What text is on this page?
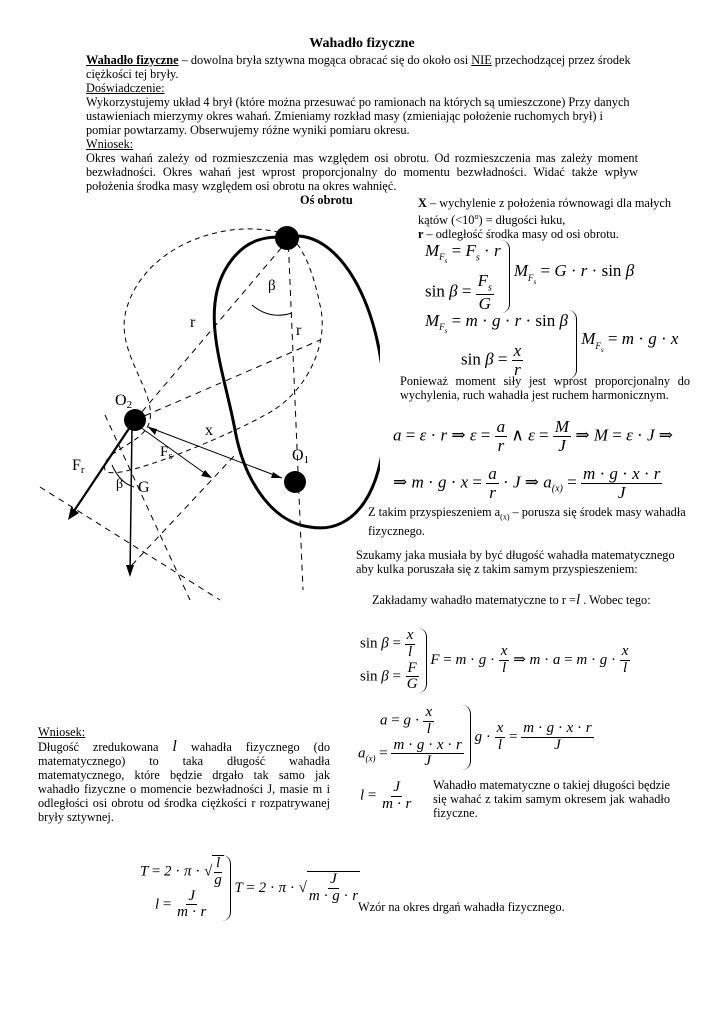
Wahadło fizyczne
Wahadło fizyczne – dowolna bryła sztywna mogąca obracać się do około osi NIE przechodzącej przez środek ciężkości tej bryły.
Doświadczenie:
Wykorzystujemy układ 4 brył (które można przesuwać po ramionach na których są umieszczone) Przy danych ustawieniach mierzymy okres wahań. Zmieniamy rozkład masy (zmieniając położenie ruchomych brył) i pomiar powtarzamy. Obserwujemy różne wyniki pomiaru okresu.
Wniosek:
Okres wahań zależy od rozmieszczenia mas względem osi obrotu. Od rozmieszczenia mas zależy moment bezwładności. Okres wahań jest wprost proporcjonalny do momentu bezwładności. Widać także wpływ położenia środka masy względem osi obrotu na okres wahnięć.
Oś obrotu
β
r	r
O2
O1
x
$F_s$
Fr
β G
X – wychylenie z położenia równowagi dla małych kątów $(<10^o)$ = długości łuku,
r – odległość środka masy od osi obrotu.
$M_{F_s} = F_s \cdot r$
$\sin \beta = \frac{F_s}{G}$
$M_{F_s} = G \cdot r \cdot \sin \beta$
$M_{F_s} = m \cdot g \cdot r \cdot \sin \beta$
$\sin \beta = \frac{x}{r}$
$M_{F_s} = m \cdot g \cdot x$
Ponieważ moment siły jest wprost proporcjonalny do wychylenia, ruch wahadła jest ruchem harmonicznym.
a = ε · r ⇒ $\varepsilon = \frac{a}{r}$ ∧ $\varepsilon = \frac{M}{J}$ ⇒ M = ε · J ⇒
⇒ $m \cdot g \cdot x = \frac{a}{r} \cdot J$ ⇒ $a_{(x)} = \frac{m \cdot g \cdot x \cdot r}{J}$
Z takim przyspieszeniem $a_{(x)}$ – porusza się środek masy wahadła fizycznego.
Szukamy jaka musiała by być długość wahadła matematycznego aby kulka poruszała się z takim samym przyspieszeniem:
Zakładamy wahadło matematyczne to r =l . Wobec tego:
$\sin \beta = \frac{x}{l}$
$\sin \beta = \frac{F}{G}$
$F = m \cdot g \cdot \frac{x}{l}$ ⇒ $m \cdot a = m \cdot g \cdot \frac{x}{l}$
$a = g \cdot \frac{x}{l}$
$a_{(x)} = \frac{m \cdot g \cdot x \cdot r}{J}$
$g \cdot \frac{x}{l} = \frac{m \cdot g \cdot x \cdot r}{J}$
$l = \frac{J}{m \cdot r}$ Wahadło matematyczne o takiej długości będzie się wahać z takim samym okresem jak wahadło fizyczne.
Wniosek:
Długość zredukowana l wahadła fizycznego (do matematycznego) to taka długość wahadła matematycznego, które będzie drgało tak samo jak wahadło fizyczne o momencie bezwładności J, masie m i odległości osi obrotu od środka ciężkości r rozpatrywanej bryły sztywnej.
T = 2 · π · √ $\frac{l}{g}$
$l = \frac{J}{m \cdot r}$
T = 2 · π · √ $\frac{J}{m \cdot g \cdot r}$
Wzór na okres drgań wahadła fizycznego.
